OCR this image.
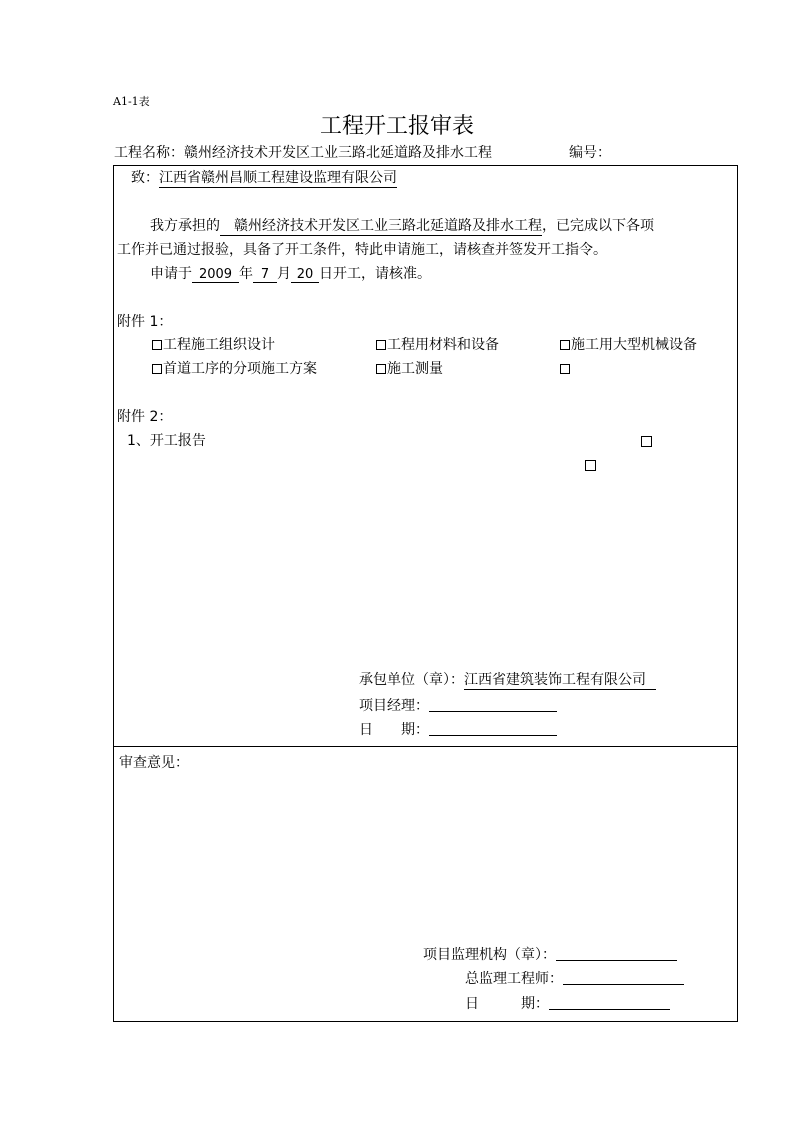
A1-1表
工程开工报审表
工程名称：赣州经济技术开发区工业三路北延道路及排水工程	编号：
致：江西省赣州昌顺工程建设监理有限公司
我方承担的 赣州经济技术开发区工业三路北延道路及排水工程，已完成以下各项
工作并已通过报验，具备了开工条件，特此申请施工，请核查并签发开工指令。
申请于 2009 年 7 月 20 日开工，请核准。
附件 1：
工程施工组织设计	工程用材料和设备	施工用大型机械设备
首道工序的分项施工方案	施工测量
附件 2：
1、开工报告
承包单位（章）：江西省建筑装饰工程有限公司
项目经理：
日　　期：
审查意见：
项目监理机构（章）：
总监理工程师：
日　　　期：
